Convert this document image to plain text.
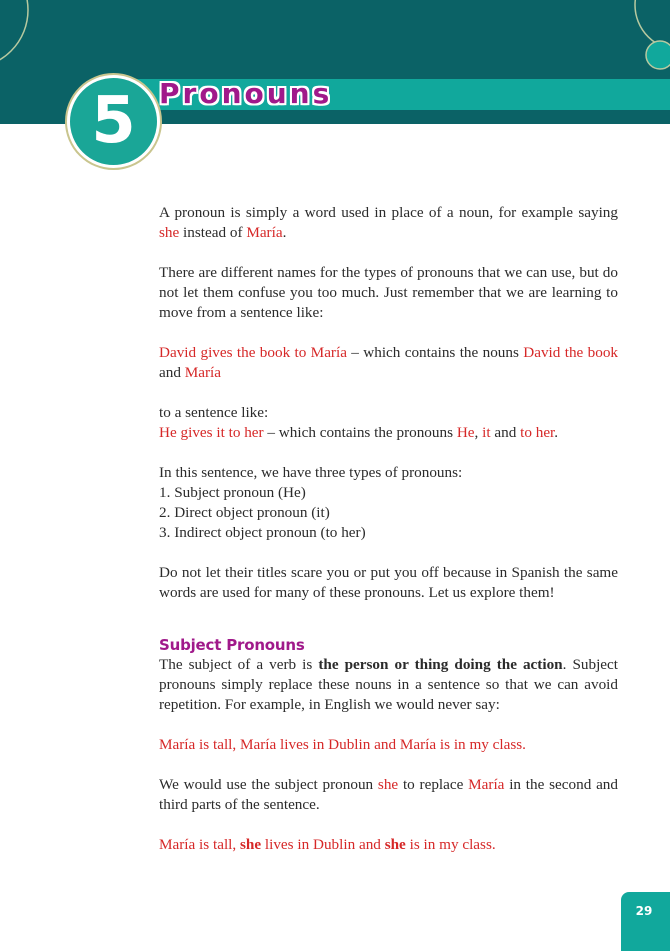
5 Pronouns

A pronoun is simply a word used in place of a noun, for example saying she instead of María.

There are different names for the types of pronouns that we can use, but do not let them confuse you too much. Just remember that we are learning to move from a sentence like:

David gives the book to María – which contains the nouns David the book and María

to a sentence like:

He gives it to her – which contains the pronouns He, it and to her.

In this sentence, we have three types of pronouns:

1. Subject pronoun (He)

2. Direct object pronoun (it)

3. Indirect object pronoun (to her)

Do not let their titles scare you or put you off because in Spanish the same words are used for many of these pronouns. Let us explore them!

Subject Pronouns

The subject of a verb is the person or thing doing the action. Subject pronouns simply replace these nouns in a sentence so that we can avoid repetition. For example, in English we would never say:

María is tall, María lives in Dublin and María is in my class.

We would use the subject pronoun she to replace María in the second and third parts of the sentence.

María is tall, she lives in Dublin and she is in my class.

29
